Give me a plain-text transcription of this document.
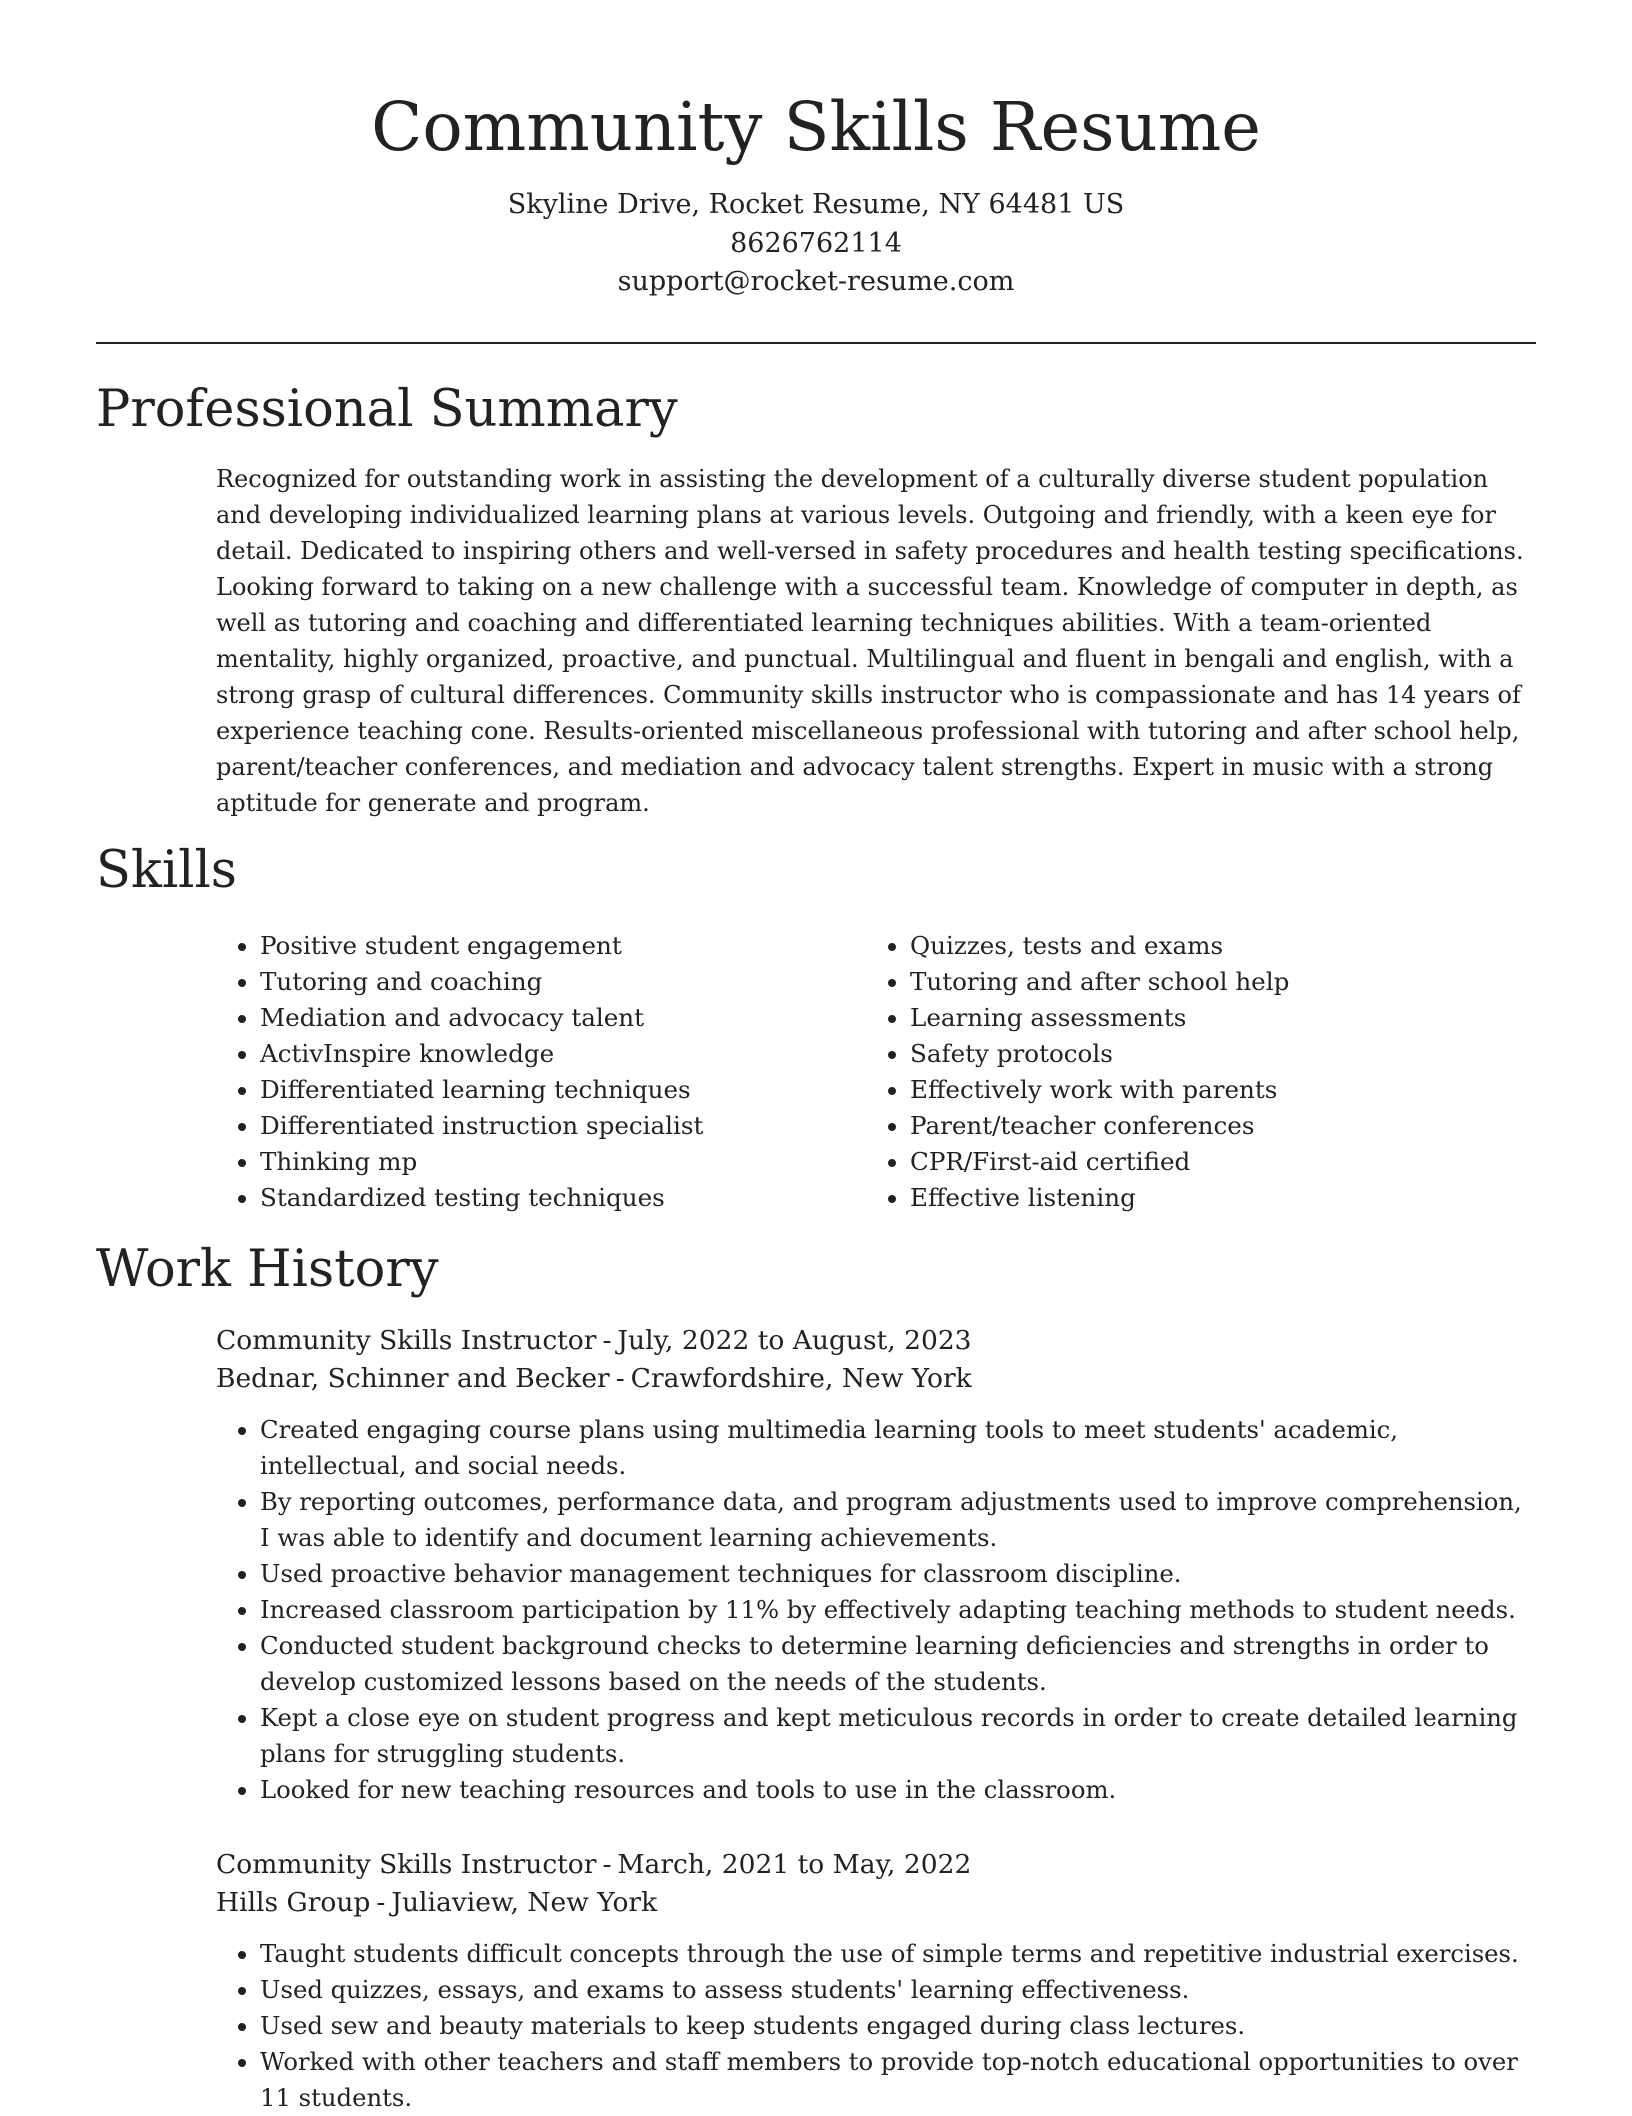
Community Skills Resume

Skyline Drive, Rocket Resume, NY 64481 US

8626762114

support@rocket-resume.com

Professional Summary

Recognized for outstanding work in assisting the development of a culturally diverse student population and developing individualized learning plans at various levels. Outgoing and friendly, with a keen eye for detail. Dedicated to inspiring others and well-versed in safety procedures and health testing specifications. Looking forward to taking on a new challenge with a successful team. Knowledge of computer in depth, as well as tutoring and coaching and differentiated learning techniques abilities. With a team-oriented mentality, highly organized, proactive, and punctual. Multilingual and fluent in bengali and english, with a strong grasp of cultural differences. Community skills instructor who is compassionate and has 14 years of experience teaching cone. Results-oriented miscellaneous professional with tutoring and after school help, parent/teacher conferences, and mediation and advocacy talent strengths. Expert in music with a strong aptitude for generate and program.

Skills
• Positive student engagement
• Tutoring and coaching
• Mediation and advocacy talent
• ActivInspire knowledge
• Differentiated learning techniques
• Differentiated instruction specialist
• Thinking mp
• Standardized testing techniques
• Quizzes, tests and exams
• Tutoring and after school help
• Learning assessments
• Safety protocols
• Effectively work with parents
• Parent/teacher conferences
• CPR/First-aid certified
• Effective listening
Work History

Community Skills Instructor - July, 2022 to August, 2023

Bednar, Schinner and Becker - Crawfordshire, New York

• Created engaging course plans using multimedia learning tools to meet students' academic, intellectual, and social needs.
• By reporting outcomes, performance data, and program adjustments used to improve comprehension, I was able to identify and document learning achievements.
• Used proactive behavior management techniques for classroom discipline.
• Increased classroom participation by 11% by effectively adapting teaching methods to student needs.
• Conducted student background checks to determine learning deficiencies and strengths in order to develop customized lessons based on the needs of the students.
• Kept a close eye on student progress and kept meticulous records in order to create detailed learning plans for struggling students.
• Looked for new teaching resources and tools to use in the classroom.

Community Skills Instructor - March, 2021 to May, 2022

Hills Group - Juliaview, New York

• Taught students difficult concepts through the use of simple terms and repetitive industrial exercises.
• Used quizzes, essays, and exams to assess students' learning effectiveness.
• Used sew and beauty materials to keep students engaged during class lectures.
• Worked with other teachers and staff members to provide top-notch educational opportunities to over 11 students.
